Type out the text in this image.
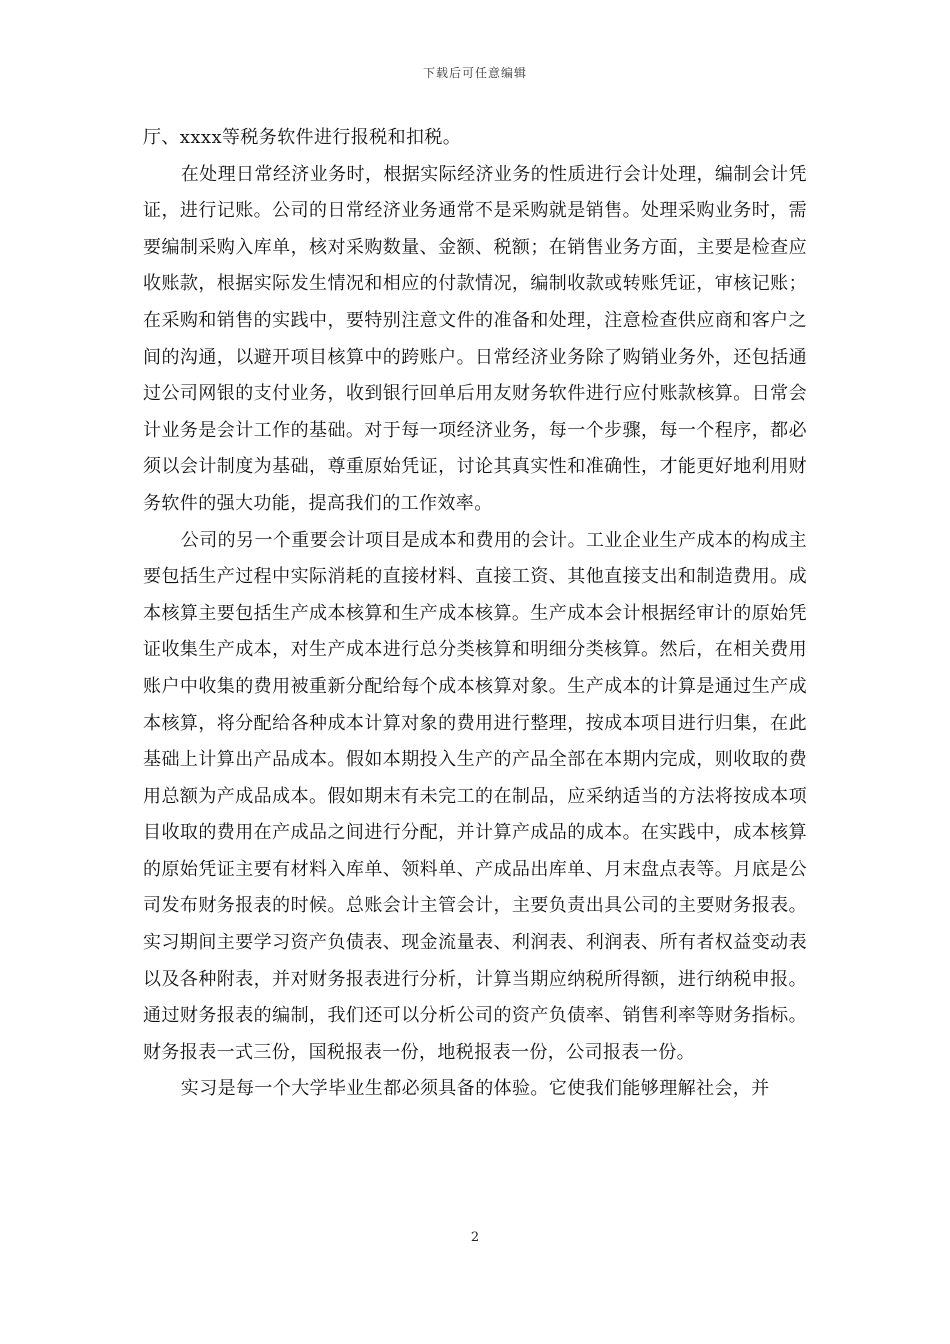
下载后可任意编辑

厅、xxxx等税务软件进行报税和扣税。

在处理日常经济业务时，根据实际经济业务的性质进行会计处理，编制会计凭证，进行记账。公司的日常经济业务通常不是采购就是销售。处理采购业务时，需要编制采购入库单，核对采购数量、金额、税额；在销售业务方面，主要是检查应收账款，根据实际发生情况和相应的付款情况，编制收款或转账凭证，审核记账；在采购和销售的实践中，要特别注意文件的准备和处理，注意检查供应商和客户之间的沟通，以避开项目核算中的跨账户。日常经济业务除了购销业务外，还包括通过公司网银的支付业务，收到银行回单后用友财务软件进行应付账款核算。日常会计业务是会计工作的基础。对于每一项经济业务，每一个步骤，每一个程序，都必须以会计制度为基础，尊重原始凭证，讨论其真实性和准确性，才能更好地利用财务软件的强大功能，提高我们的工作效率。

公司的另一个重要会计项目是成本和费用的会计。工业企业生产成本的构成主要包括生产过程中实际消耗的直接材料、直接工资、其他直接支出和制造费用。成本核算主要包括生产成本核算和生产成本核算。生产成本会计根据经审计的原始凭证收集生产成本，对生产成本进行总分类核算和明细分类核算。然后，在相关费用账户中收集的费用被重新分配给每个成本核算对象。生产成本的计算是通过生产成本核算，将分配给各种成本计算对象的费用进行整理，按成本项目进行归集，在此基础上计算出产品成本。假如本期投入生产的产品全部在本期内完成，则收取的费用总额为产成品成本。假如期末有未完工的在制品，应采纳适当的方法将按成本项目收取的费用在产成品之间进行分配，并计算产成品的成本。在实践中，成本核算的原始凭证主要有材料入库单、领料单、产成品出库单、月末盘点表等。月底是公司发布财务报表的时候。总账会计主管会计，主要负责出具公司的主要财务报表。实习期间主要学习资产负债表、现金流量表、利润表、利润表、所有者权益变动表以及各种附表，并对财务报表进行分析，计算当期应纳税所得额，进行纳税申报。通过财务报表的编制，我们还可以分析公司的资产负债率、销售利率等财务指标。财务报表一式三份，国税报表一份，地税报表一份，公司报表一份。

实习是每一个大学毕业生都必须具备的体验。它使我们能够理解社会，并

2
